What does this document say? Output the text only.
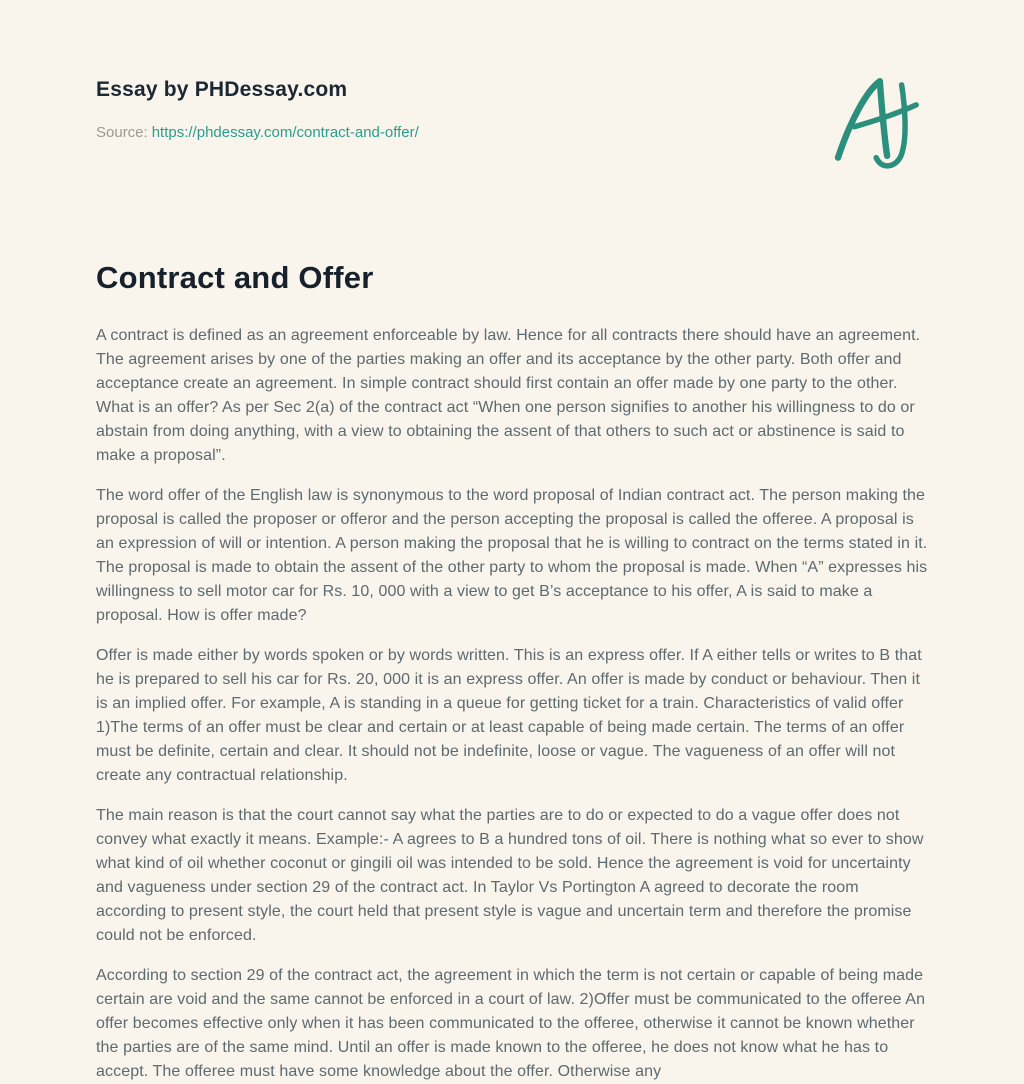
Essay by PHDessay.com
Source: https://phdessay.com/contract-and-offer/
Contract and Offer

A contract is defined as an agreement enforceable by law. Hence for all contracts there should have an agreement. The agreement arises by one of the parties making an offer and its acceptance by the other party. Both offer and acceptance create an agreement. In simple contract should first contain an offer made by one party to the other. What is an offer? As per Sec 2(a) of the contract act “When one person signifies to another his willingness to do or abstain from doing anything, with a view to obtaining the assent of that others to such act or abstinence is said to make a proposal”.

The word offer of the English law is synonymous to the word proposal of Indian contract act. The person making the proposal is called the proposer or offeror and the person accepting the proposal is called the offeree. A proposal is an expression of will or intention. A person making the proposal that he is willing to contract on the terms stated in it. The proposal is made to obtain the assent of the other party to whom the proposal is made. When “A” expresses his willingness to sell motor car for Rs. 10, 000 with a view to get B’s acceptance to his offer, A is said to make a proposal. How is offer made?

Offer is made either by words spoken or by words written. This is an express offer. If A either tells or writes to B that he is prepared to sell his car for Rs. 20, 000 it is an express offer. An offer is made by conduct or behaviour. Then it is an implied offer. For example, A is standing in a queue for getting ticket for a train. Characteristics of valid offer 1)The terms of an offer must be clear and certain or at least capable of being made certain. The terms of an offer must be definite, certain and clear. It should not be indefinite, loose or vague. The vagueness of an offer will not create any contractual relationship.

The main reason is that the court cannot say what the parties are to do or expected to do a vague offer does not convey what exactly it means. Example:- A agrees to B a hundred tons of oil. There is nothing what so ever to show what kind of oil whether coconut or gingili oil was intended to be sold. Hence the agreement is void for uncertainty and vagueness under section 29 of the contract act. In Taylor Vs Portington A agreed to decorate the room according to present style, the court held that present style is vague and uncertain term and therefore the promise could not be enforced.

According to section 29 of the contract act, the agreement in which the term is not certain or capable of being made certain are void and the same cannot be enforced in a court of law. 2)Offer must be communicated to the offeree An offer becomes effective only when it has been communicated to the offeree, otherwise it cannot be known whether the parties are of the same mind. Until an offer is made known to the offeree, he does not know what he has to accept. The offeree must have some knowledge about the offer. Otherwise any
